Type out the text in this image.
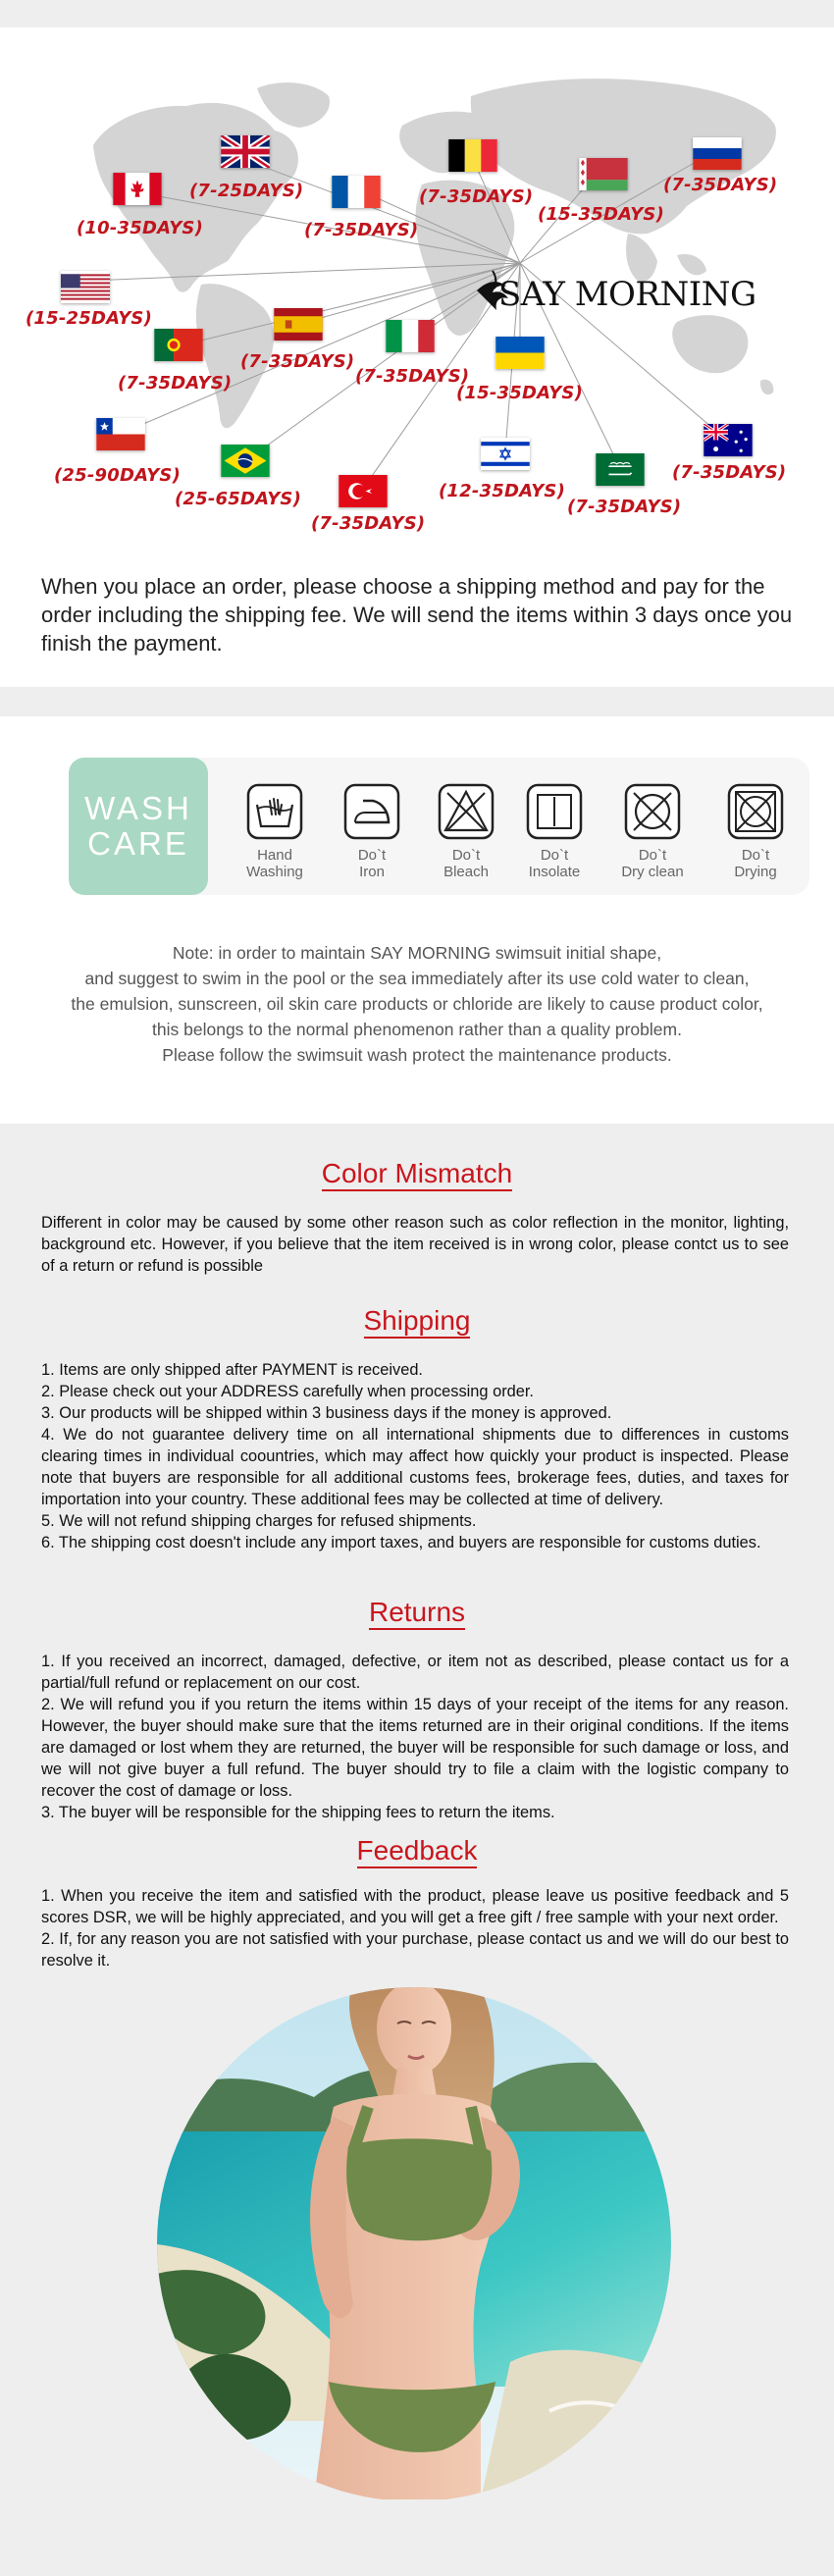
SAY MORNING
(7-25DAYS)	(7-35DAYS)
(7-35DAYS)
(10-35DAYS)	(7-35DAYS)
(15-35DAYS)
(15-25DAYS)
(7-35DAYS)
(7-35DAYS)	(7-35DAYS)
(15-35DAYS)
(25-90DAYS)
(25-65DAYS)
(7-35DAYS)
(12-35DAYS)
(7-35DAYS)
(7-35DAYS)

When you place an order, please choose a shipping method and pay for the order including the shipping fee. We will send the items within 3 days once you finish the payment.

WASH
CARE	Hand
Washing
Do`t
Iron
Do`t
Bleach
Do`t
Insolate
Do`t
Dry clean
Do`t
Drying
Note: in order to maintain SAY MORNING swimsuit initial shape,
and suggest to swim in the pool or the sea immediately after its use cold water to clean,
the emulsion, sunscreen, oil skin care products or chloride are likely to cause product color,
this belongs to the normal phenomenon rather than a quality problem.
Please follow the swimsuit wash protect the maintenance products.
Color Mismatch

Different in color may be caused by some other reason such as color reflection in the monitor, lighting, background etc. However, if you believe that the item received is in wrong color, please contct us to see of a return or refund is possible

Shipping

1. Items are only shipped after PAYMENT is received.

2. Please check out your ADDRESS carefully when processing order.

3. Our products will be shipped within 3 business days if the money is approved.

4. We do not guarantee delivery time on all international shipments due to differences in customs clearing times in individual coountries, which may affect how quickly your product is inspected. Please note that buyers are responsible for all additional customs fees, brokerage fees, duties, and taxes for importation into your country. These additional fees may be collected at time of delivery.

5. We will not refund shipping charges for refused shipments.

6. The shipping cost doesn't include any import taxes, and buyers are responsible for customs duties.

Returns

1. If you received an incorrect, damaged, defective, or item not as described, please contact us for a partial/full refund or replacement on our cost.

2. We will refund you if you return the items within 15 days of your receipt of the items for any reason. However, the buyer should make sure that the items returned are in their original conditions. If the items are damaged or lost whem they are returned, the buyer will be responsible for such damage or loss, and we will not give buyer a full refund. The buyer should try to file a claim with the logistic company to recover the cost of damage or loss.

3. The buyer will be responsible for the shipping fees to return the items.

Feedback

1. When you receive the item and satisfied with the product, please leave us positive feedback and 5 scores DSR, we will be highly appreciated, and you will get a free gift / free sample with your next order.

2. If, for any reason you are not satisfied with your purchase, please contact us and we will do our best to resolve it.
